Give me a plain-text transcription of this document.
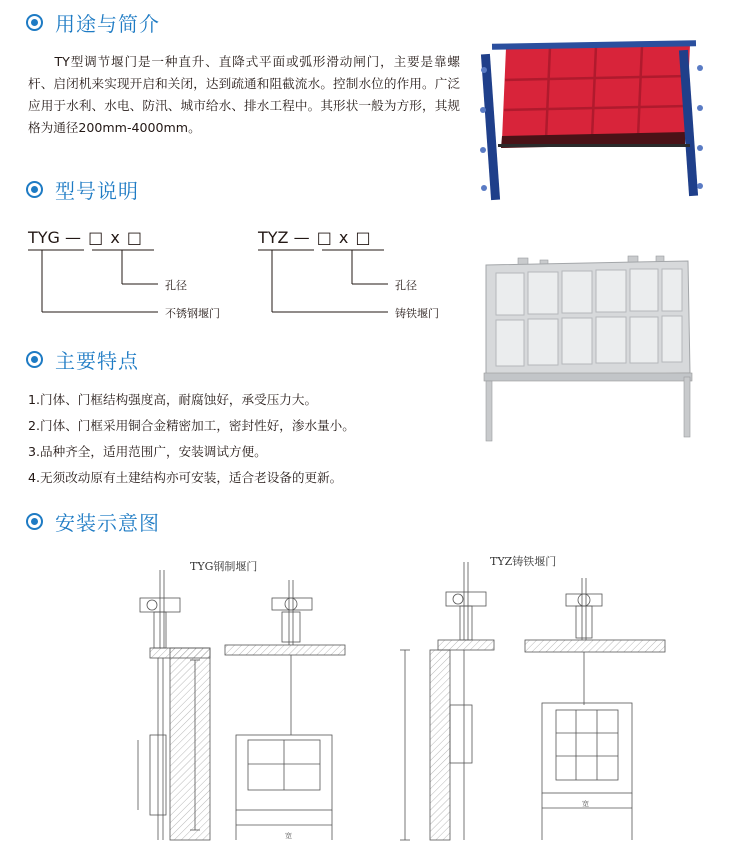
用途与简介

TY型调节堰门是一种直升、直降式平面或弧形滑动闸门，主要是靠螺杆、启闭机来实现开启和关闭，达到疏通和阻截流水。控制水位的作用。广泛应用于水利、水电、防汛、城市给水、排水工程中。其形状一般为方形，其规格为通径200mm-4000mm。

型号说明
TYG — □ x □
孔径
不锈钢堰门
TYZ — □ x □
孔径
铸铁堰门
主要特点
1.门体、门框结构强度高，耐腐蚀好，承受压力大。
2.门体、门框采用铜合金精密加工，密封性好，渗水量小。
3.品种齐全，适用范围广，安装调试方便。
4.无须改动原有土建结构亦可安装，适合老设备的更新。
安装示意图
TYG钢制堰门	TYZ铸铁堰门
宽
宽
